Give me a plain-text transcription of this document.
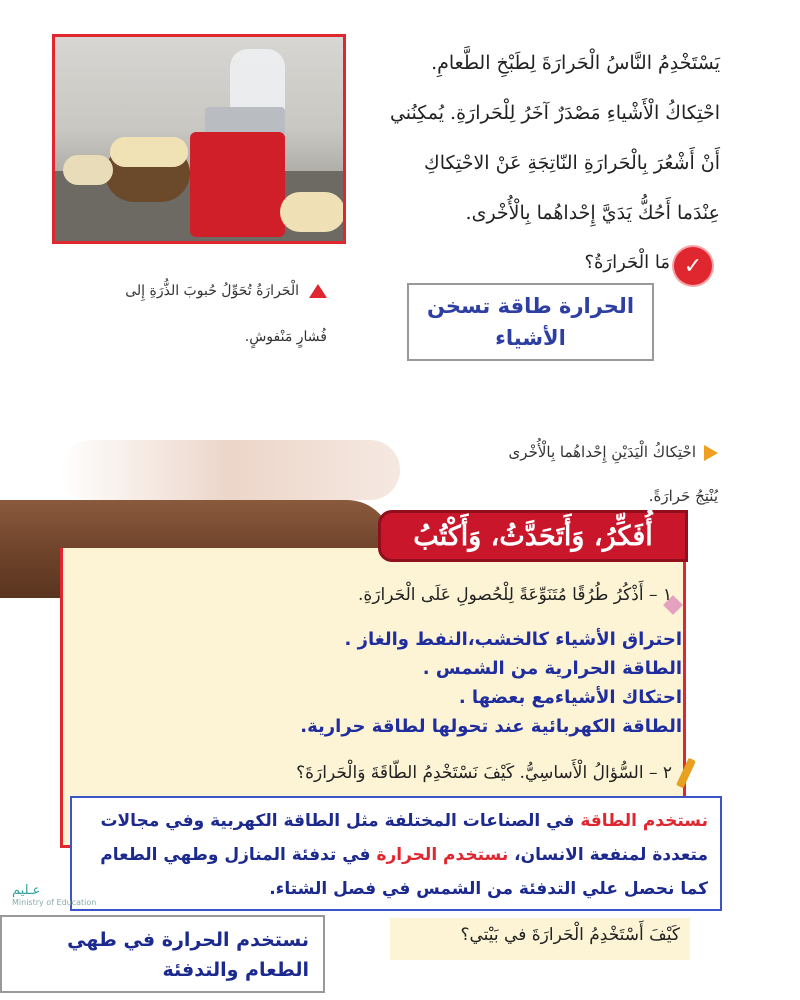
يَسْتَخْدِمُ النَّاسُ الْحَرارَةَ لِطَبْخِ الطَّعامِ.

احْتِكاكُ الْأَشْياءِ مَصْدَرٌ آخَرُ لِلْحَرارَةِ. يُمكِنُني

أَنْ أَشْعُرَ بِالْحَرارَةِ النّاتِجَةِ عَنْ الاحْتِكاكِ

عِنْدَما أَحُكُّ يَدَيَّ إِحْداهُما بِالْأُخْرى.

الْحَرارَةُ تُحَوِّلُ حُبوبَ الذُّرَةِ إِلى
فُشارٍ مَنْفوشٍ.
✓
مَا الْحَرارَةُ؟
الحرارة طاقة تسخن الأشياء
احْتِكاكُ الْيَدَيْنِ إِحْداهُما بِالْأُخْرى
يُنْتِجُ حَرارَةً.
أُفَكِّرُ، وَأَتَحَدَّثُ، وَأَكْتُبُ
١ – أَذْكُرُ طُرُقًا مُتَنَوِّعَةً لِلْحُصولِ عَلَى الْحَرارَةِ.
احتراق الأشياء كالخشب،النفط والغاز .
الطاقة الحرارية من الشمس .
احتكاك الأشياءمع بعضها .
الطاقة الكهربائية عند تحولها لطاقة حرارية.
٢ – السُّؤالُ الْأَساسِيُّ. كَيْفَ نَسْتَخْدِمُ الطّاقَةَ وَالْحَرارَةَ؟
نستخدم الطاقة في الصناعات المختلفة مثل الطاقة الكهربية وفي مجالات متعددة لمنفعة الانسان، نستخدم الحرارة في تدفئة المنازل وطهي الطعام كما نحصل علي التدفئة من الشمس في فصل الشتاء.
عـليم
Ministry of Education
كَيْفَ أَسْتَخْدِمُ الْحَرارَةَ في بَيْتي؟
نستخدم الحرارة في طهي الطعام والتدفئة
